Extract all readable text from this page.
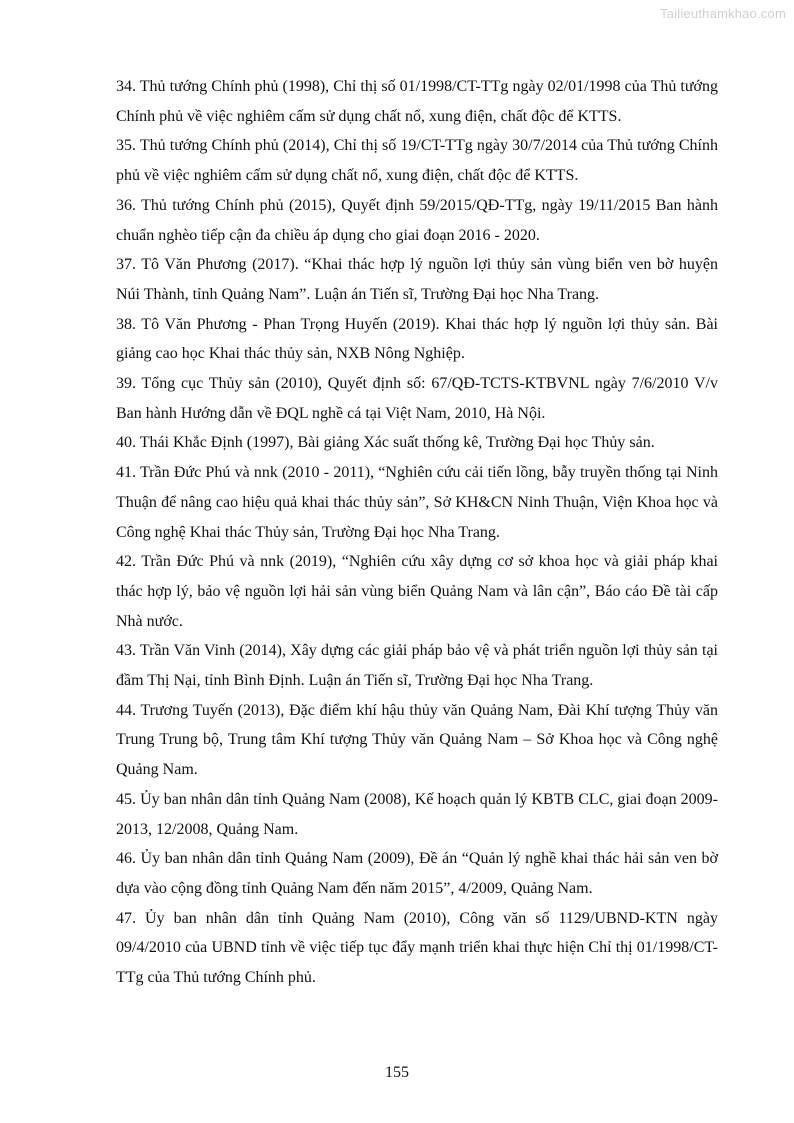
Tailieuthamkhao.com

34. Thủ tướng Chính phủ (1998), Chỉ thị số 01/1998/CT-TTg ngày 02/01/1998 của Thủ tướng Chính phủ về việc nghiêm cấm sử dụng chất nổ, xung điện, chất độc để KTTS.

35. Thủ tướng Chính phủ (2014), Chỉ thị số 19/CT-TTg ngày 30/7/2014 của Thủ tướng Chính phủ về việc nghiêm cấm sử dụng chất nổ, xung điện, chất độc để KTTS.

36. Thủ tướng Chính phủ (2015), Quyết định 59/2015/QĐ-TTg, ngày 19/11/2015 Ban hành chuẩn nghèo tiếp cận đa chiều áp dụng cho giai đoạn 2016 - 2020.

37. Tô Văn Phương (2017). “Khai thác hợp lý nguồn lợi thủy sản vùng biển ven bờ huyện Núi Thành, tỉnh Quảng Nam”. Luận án Tiến sĩ, Trường Đại học Nha Trang.

38. Tô Văn Phương - Phan Trọng Huyến (2019). Khai thác hợp lý nguồn lợi thủy sản. Bài giảng cao học Khai thác thủy sản, NXB Nông Nghiệp.

39. Tổng cục Thủy sản (2010), Quyết định số: 67/QĐ-TCTS-KTBVNL ngày 7/6/2010 V/v Ban hành Hướng dẫn về ĐQL nghề cá tại Việt Nam, 2010, Hà Nội.

40. Thái Khắc Định (1997), Bài giảng Xác suất thống kê, Trường Đại học Thủy sản.

41. Trần Đức Phú và nnk (2010 - 2011), “Nghiên cứu cải tiến lồng, bẫy truyền thống tại Ninh Thuận để nâng cao hiệu quả khai thác thủy sản”, Sở KH&CN Ninh Thuận, Viện Khoa học và Công nghệ Khai thác Thủy sản, Trường Đại học Nha Trang.

42. Trần Đức Phú và nnk (2019), “Nghiên cứu xây dựng cơ sở khoa học và giải pháp khai thác hợp lý, bảo vệ nguồn lợi hải sản vùng biển Quảng Nam và lân cận”, Báo cáo Đề tài cấp Nhà nước.

43. Trần Văn Vinh (2014), Xây dựng các giải pháp bảo vệ và phát triển nguồn lợi thủy sản tại đầm Thị Nại, tỉnh Bình Định. Luận án Tiến sĩ, Trường Đại học Nha Trang.

44. Trương Tuyến (2013), Đặc điểm khí hậu thủy văn Quảng Nam, Đài Khí tượng Thủy văn Trung Trung bộ, Trung tâm Khí tượng Thủy văn Quảng Nam – Sở Khoa học và Công nghệ Quảng Nam.

45. Ủy ban nhân dân tỉnh Quảng Nam (2008), Kế hoạch quản lý KBTB CLC, giai đoạn 2009-2013, 12/2008, Quảng Nam.

46. Ủy ban nhân dân tỉnh Quảng Nam (2009), Đề án “Quản lý nghề khai thác hải sản ven bờ dựa vào cộng đồng tỉnh Quảng Nam đến năm 2015”, 4/2009, Quảng Nam.

47. Ủy ban nhân dân tỉnh Quảng Nam (2010), Công văn số 1129/UBND-KTN ngày 09/4/2010 của UBND tỉnh về việc tiếp tục đẩy mạnh triển khai thực hiện Chỉ thị 01/1998/CT-TTg của Thủ tướng Chính phủ.

155
